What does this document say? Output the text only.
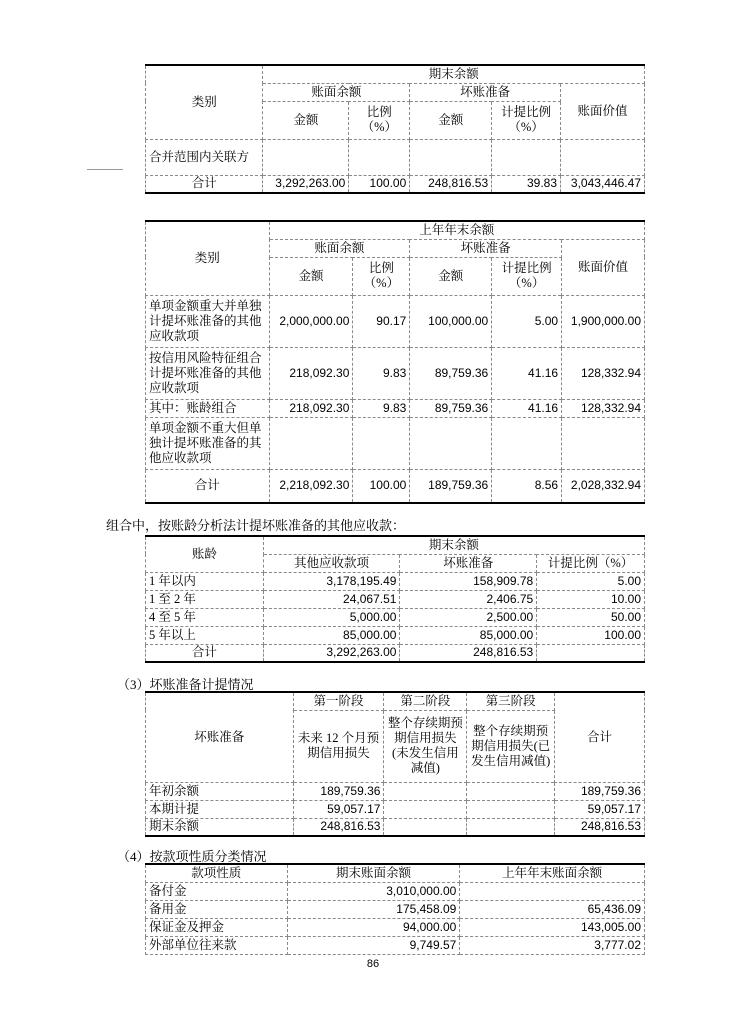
类别	期末余额				
	账面余额		坏账准备		账面价值
	金额	比例（%）	金额	计提比例（%）	
合并范围内关联方					
合计	3,292,263.00	100.00	248,816.53	39.83	3,043,446.47
类别	上年年末余额				
	账面余额		坏账准备		账面价值
	金额	比例（%）	金额	计提比例（%）	
单项金额重大并单独计提坏账准备的其他应收款项	2,000,000.00	90.17	100,000.00	5.00	1,900,000.00
按信用风险特征组合计提坏账准备的其他应收款项	218,092.30	9.83	89,759.36	41.16	128,332.94
其中：账龄组合	218,092.30	9.83	89,759.36	41.16	128,332.94
单项金额不重大但单独计提坏账准备的其他应收款项					
合计	2,218,092.30	100.00	189,759.36	8.56	2,028,332.94
组合中，按账龄分析法计提坏账准备的其他应收款：
账龄	期末余额		
	其他应收款项	坏账准备	计提比例（%）
1 年以内	3,178,195.49	158,909.78	5.00
1 至 2 年	24,067.51	2,406.75	10.00
4 至 5 年	5,000.00	2,500.00	50.00
5 年以上	85,000.00	85,000.00	100.00
合计	3,292,263.00	248,816.53	
（3）坏账准备计提情况
坏账准备	第一阶段	第二阶段	第三阶段	合计
	未来 12 个月预期信用损失	整个存续期预期信用损失(未发生信用减值)	整个存续期预期信用损失(已发生信用减值)	
年初余额	189,759.36			189,759.36
本期计提	59,057.17			59,057.17
期末余额	248,816.53			248,816.53
（4）按款项性质分类情况
款项性质	期末账面余额	上年年末账面余额
备付金	3,010,000.00	
备用金	175,458.09	65,436.09
保证金及押金	94,000.00	143,005.00
外部单位往来款	9,749.57	3,777.02
86
